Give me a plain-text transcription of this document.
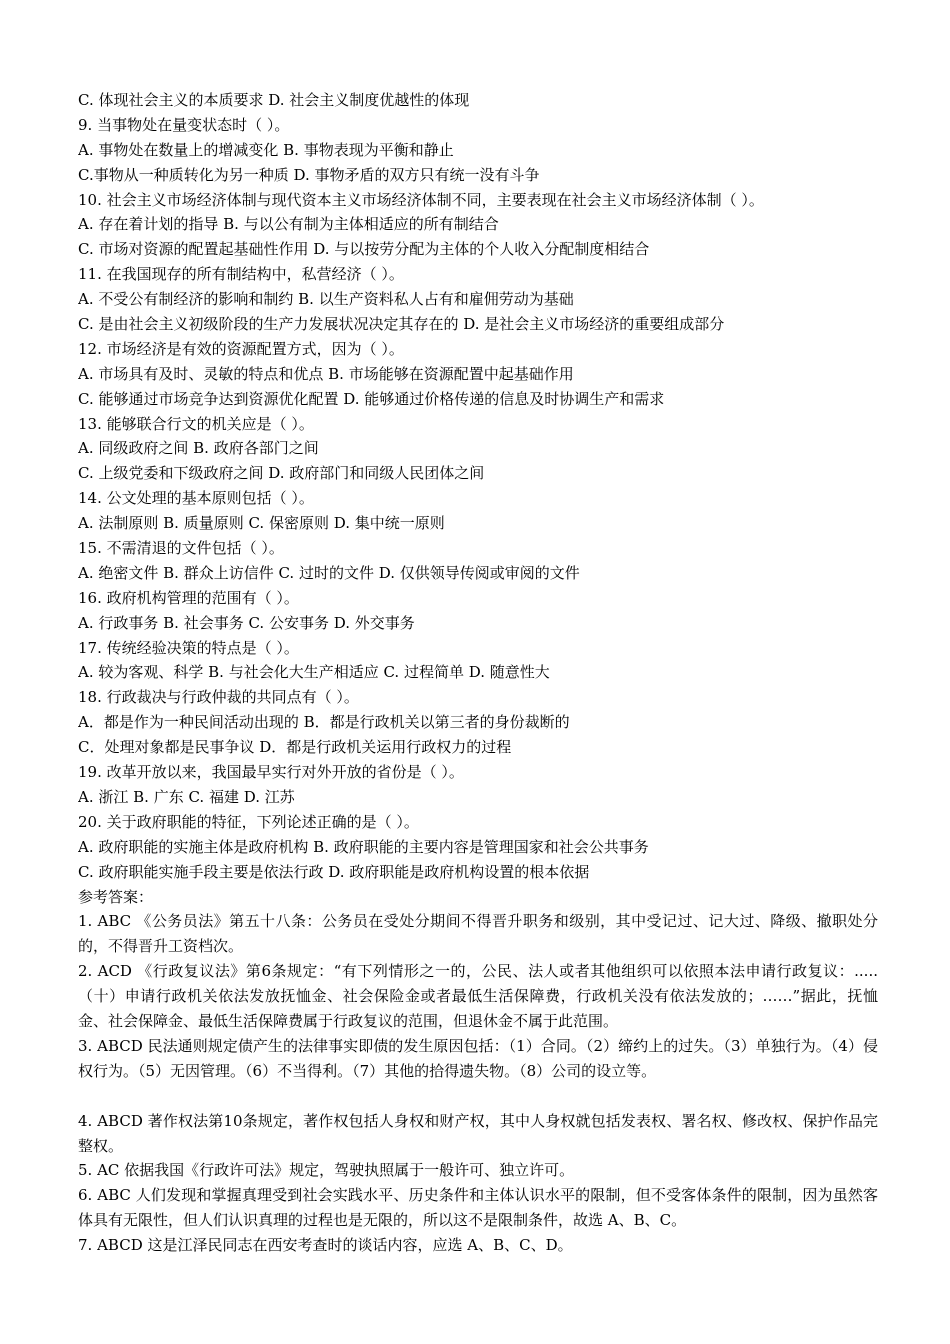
C. 体现社会主义的本质要求 D. 社会主义制度优越性的体现
9. 当事物处在量变状态时（ ）。
A. 事物处在数量上的增减变化 B. 事物表现为平衡和静止
C.事物从一种质转化为另一种质 D. 事物矛盾的双方只有统一没有斗争
10. 社会主义市场经济体制与现代资本主义市场经济体制不同，主要表现在社会主义市场经济体制（ ）。
A. 存在着计划的指导 B. 与以公有制为主体相适应的所有制结合
C. 市场对资源的配置起基础性作用 D. 与以按劳分配为主体的个人收入分配制度相结合
11. 在我国现存的所有制结构中，私营经济（ ）。
A. 不受公有制经济的影响和制约 B. 以生产资料私人占有和雇佣劳动为基础
C. 是由社会主义初级阶段的生产力发展状况决定其存在的 D. 是社会主义市场经济的重要组成部分
12. 市场经济是有效的资源配置方式，因为（ ）。
A. 市场具有及时、灵敏的特点和优点 B. 市场能够在资源配置中起基础作用
C. 能够通过市场竞争达到资源优化配置 D. 能够通过价格传递的信息及时协调生产和需求
13. 能够联合行文的机关应是（ ）。
A. 同级政府之间 B. 政府各部门之间
C. 上级党委和下级政府之间 D. 政府部门和同级人民团体之间
14. 公文处理的基本原则包括（ ）。
A. 法制原则 B. 质量原则 C. 保密原则 D. 集中统一原则
15. 不需清退的文件包括（ ）。
A. 绝密文件 B. 群众上访信件 C. 过时的文件 D. 仅供领导传阅或审阅的文件
16. 政府机构管理的范围有（ ）。
A. 行政事务 B. 社会事务 C. 公安事务 D. 外交事务
17. 传统经验决策的特点是（ ）。
A. 较为客观、科学 B. 与社会化大生产相适应 C. 过程简单 D. 随意性大
18. 行政裁决与行政仲裁的共同点有（ ）。
A．都是作为一种民间活动出现的 B．都是行政机关以第三者的身份裁断的
C．处理对象都是民事争议 D．都是行政机关运用行政权力的过程
19. 改革开放以来，我国最早实行对外开放的省份是（ ）。
A. 浙江 B. 广东 C. 福建 D. 江苏
20. 关于政府职能的特征，下列论述正确的是（ ）。
A. 政府职能的实施主体是政府机构 B. 政府职能的主要内容是管理国家和社会公共事务
C. 政府职能实施手段主要是依法行政 D. 政府职能是政府机构设置的根本依据
参考答案：
1. ABC 《公务员法》第五十八条：公务员在受处分期间不得晋升职务和级别，其中受记过、记大过、降级、撤职处分的，不得晋升工资档次。
2. ACD 《行政复议法》第6条规定：“有下列情形之一的，公民、法人或者其他组织可以依照本法申请行政复议：.....（十）申请行政机关依法发放抚恤金、社会保险金或者最低生活保障费，行政机关没有依法发放的；……”据此，抚恤金、社会保障金、最低生活保障费属于行政复议的范围，但退休金不属于此范围。
3. ABCD 民法通则规定债产生的法律事实即债的发生原因包括：（1）合同。（2）缔约上的过失。（3）单独行为。（4）侵权行为。（5）无因管理。（6）不当得利。（7）其他的拾得遗失物。（8）公司的设立等。
4. ABCD 著作权法第10条规定，著作权包括人身权和财产权，其中人身权就包括发表权、署名权、修改权、保护作品完整权。
5. AC 依据我国《行政许可法》规定，驾驶执照属于一般许可、独立许可。
6. ABC 人们发现和掌握真理受到社会实践水平、历史条件和主体认识水平的限制，但不受客体条件的限制，因为虽然客体具有无限性，但人们认识真理的过程也是无限的，所以这不是限制条件，故选 A、B、C。
7. ABCD 这是江泽民同志在西安考查时的谈话内容，应选 A、B、C、D。
